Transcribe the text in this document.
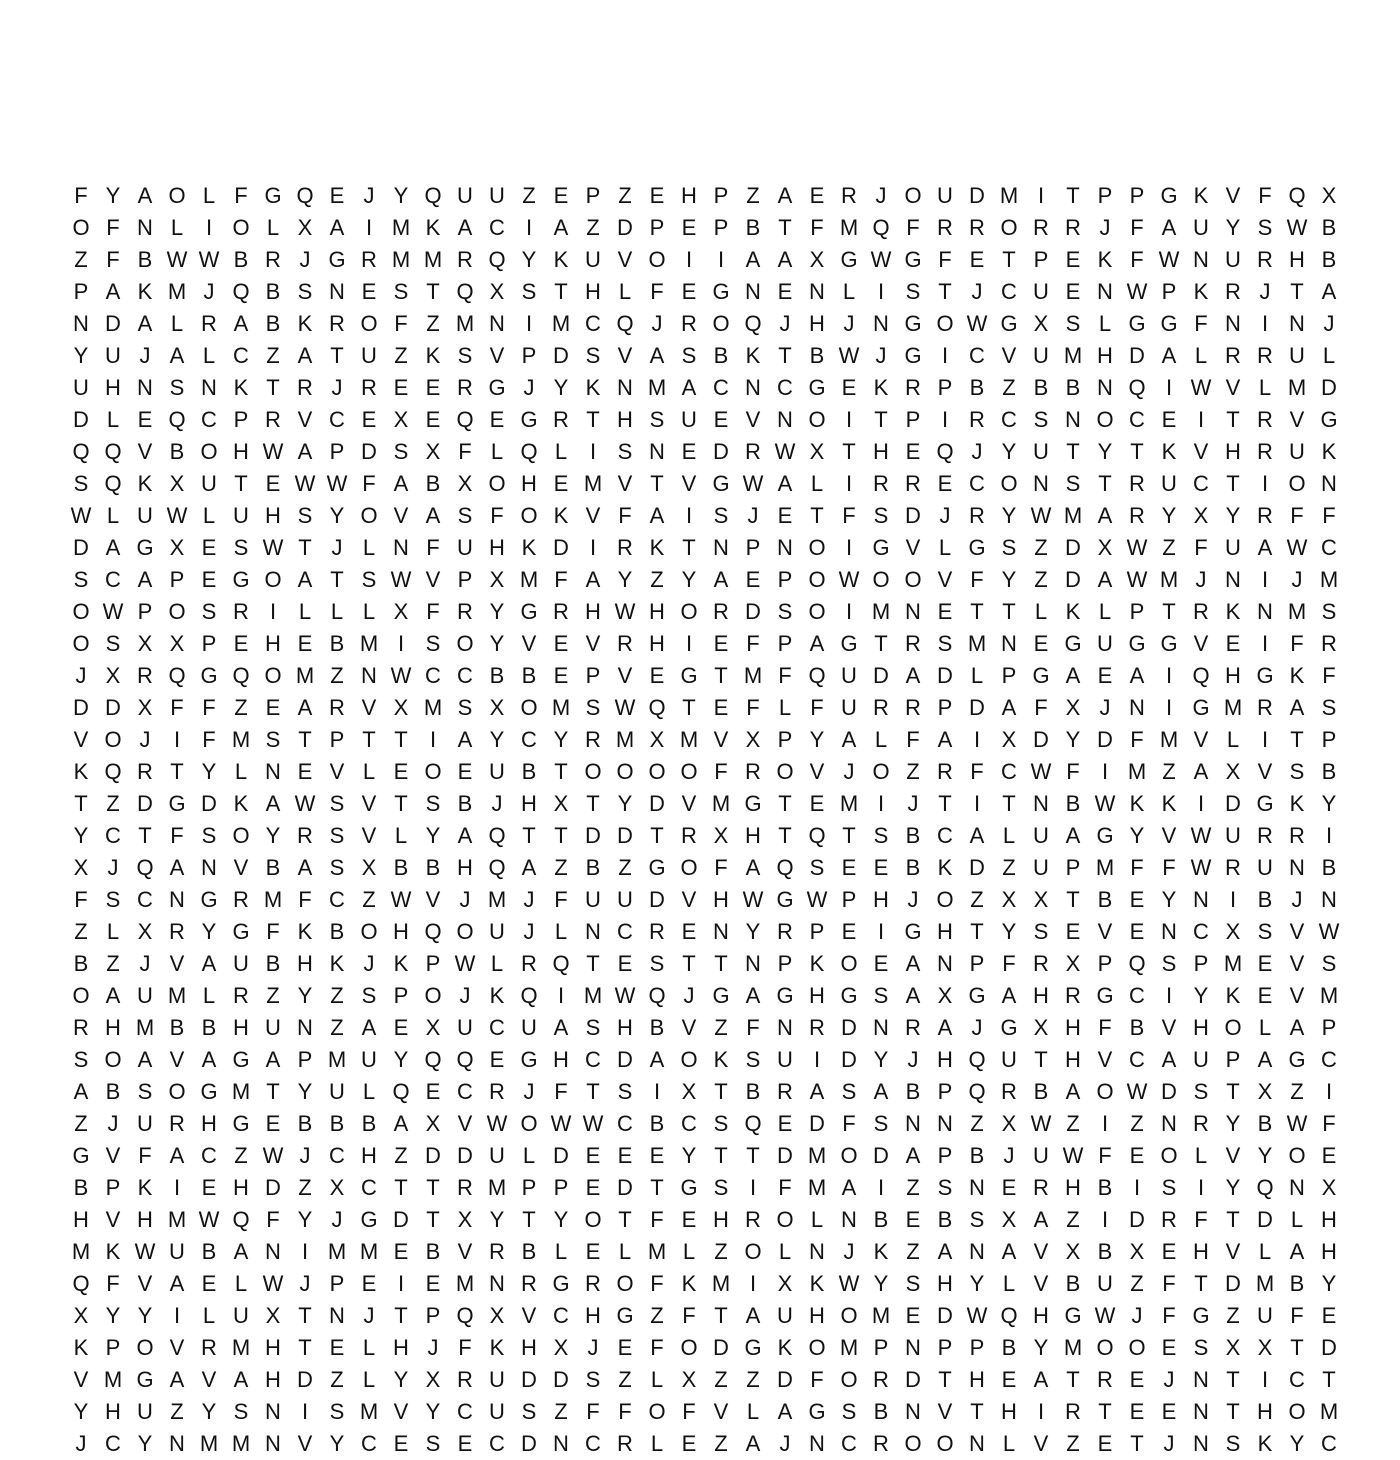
F Y A O L F G Q E J Y Q U U Z E P Z E H P Z A E R J O U D M I	T P P G K V F Q X
O F N L	I O L X A I M K A C I A Z D P E P B T F M Q F R R O R R J F A U Y S W B
Z F B W W B R J G R M M R Q Y K U V O I	I A A X G W G F E T P E K F W N U R H B
P A K M J Q B S N E S T Q X S T H L F E G N E N L	I S T J C U E N W P K R J T A
N D A L R A B K R O F Z M N I M C Q J R O Q J H J N G O W G X S L G G F N I N J
Y U J A L C Z A T U Z K S V P D S V A S B K T B W J G I C V U M H D A L R R U L
U H N S N K T R J R E E R G J Y K N M A C N C G E K R P B Z B B N Q I W V L M D
D L E Q C P R V C E X E Q E G R T H S U E V N O I	T P I R C S N O C E I	T R V G
Q Q V B O H W A P D S X F L Q L	I S N E D R W X T H E Q J Y U T Y T K V H R U K
S Q K X U T E W W F A B X O H E M V T V G W A L	I R R E C O N S T R U C T	I O N
W L U W L U H S Y O V A S F O K V F A I S J E T F S D J R Y W M A R Y X Y R F F
D A G X E S W T J L N F U H K D I R K T N P N O I G V L G S Z D X W Z F U A W C
S C A P E G O A T S W V P X M F A Y Z Y A E P O W O O V F Y Z D A W M J N I	J M
O W P O S R I	L L L X F R Y G R H W H O R D S O I M N E T T L K L P T R K N M S
O S X X P E H E B M I S O Y V E V R H I E F P A G T R S M N E G U G G V E I	F R
J X R Q G Q O M Z N W C C B B E P V E G T M F Q U D A D L P G A E A I Q H G K F
D D X F F Z E A R V X M S X O M S W Q T E F L F U R R P D A F X J N I G M R A S
V O J	I	F M S T P T T	I A Y C Y R M X M V X P Y A L F A I X D Y D F M V L	I	T P
K Q R T Y L N E V L E O E U B T O O O O F R O V J O Z R F C W F	I M Z A X V S B
T Z D G D K A W S V T S B J H X T Y D V M G T E M I	J T	I	T N B W K K I D G K Y
Y C T F S O Y R S V L Y A Q T T D D T R X H T Q T S B C A L U A G Y V W U R R I
X J Q A N V B A S X B B H Q A Z B Z G O F A Q S E E B K D Z U P M F F W R U N B
F S C N G R M F C Z W V J M J F U U D V H W G W P H J O Z X X T B E Y N I B J N
Z L X R Y G F K B O H Q O U J L N C R E N Y R P E I G H T Y S E V E N C X S V W
B Z J V A U B H K J K P W L R Q T E S T T N P K O E A N P F R X P Q S P M E V S
O A U M L R Z Y Z S P O J K Q I M W Q J G A G H G S A X G A H R G C I Y K E V M
R H M B B H U N Z A E X U C U A S H B V Z F N R D N R A J G X H F B V H O L A P
S O A V A G A P M U Y Q Q E G H C D A O K S U I D Y J H Q U T H V C A U P A G C
A B S O G M T Y U L Q E C R J F T S I X T B R A S A B P Q R B A O W D S T X Z	I
Z J U R H G E B B B A X V W O W W C B C S Q E D F S N N Z X W Z	I	Z N R Y B W F
G V F A C Z W J C H Z D D U L D E E E Y T T D M O D A P B J U W F E O L V Y O E
B P K I E H D Z X C T T R M P P E D T G S I	F M A I	Z S N E R H B I S I Y Q N X
H V H M W Q F Y J G D T X Y T Y O T F E H R O L N B E B S X A Z	I D R F T D L H
M K W U B A N I M M E B V R B L E L M L Z O L N J K Z A N A V X B X E H V L A H
Q F V A E L W J P E I E M N R G R O F K M I X K W Y S H Y L V B U Z F T D M B Y
X Y Y I	L U X T N J T P Q X V C H G Z F T A U H O M E D W Q H G W J F G Z U F E
K P O V R M H T E L H J F K H X J E F O D G K O M P N P P B Y M O O E S X X T D
V M G A V A H D Z L Y X R U D D S Z L X Z Z D F O R D T H E A T R E J N T	I C T
Y H U Z Y S N I S M V Y C U S Z F F O F V L A G S B N V T H I R T E E N T H O M
J C Y N M M N V Y C E S E C D N C R L E Z A J N C R O O N L V Z E T J N S K Y C
